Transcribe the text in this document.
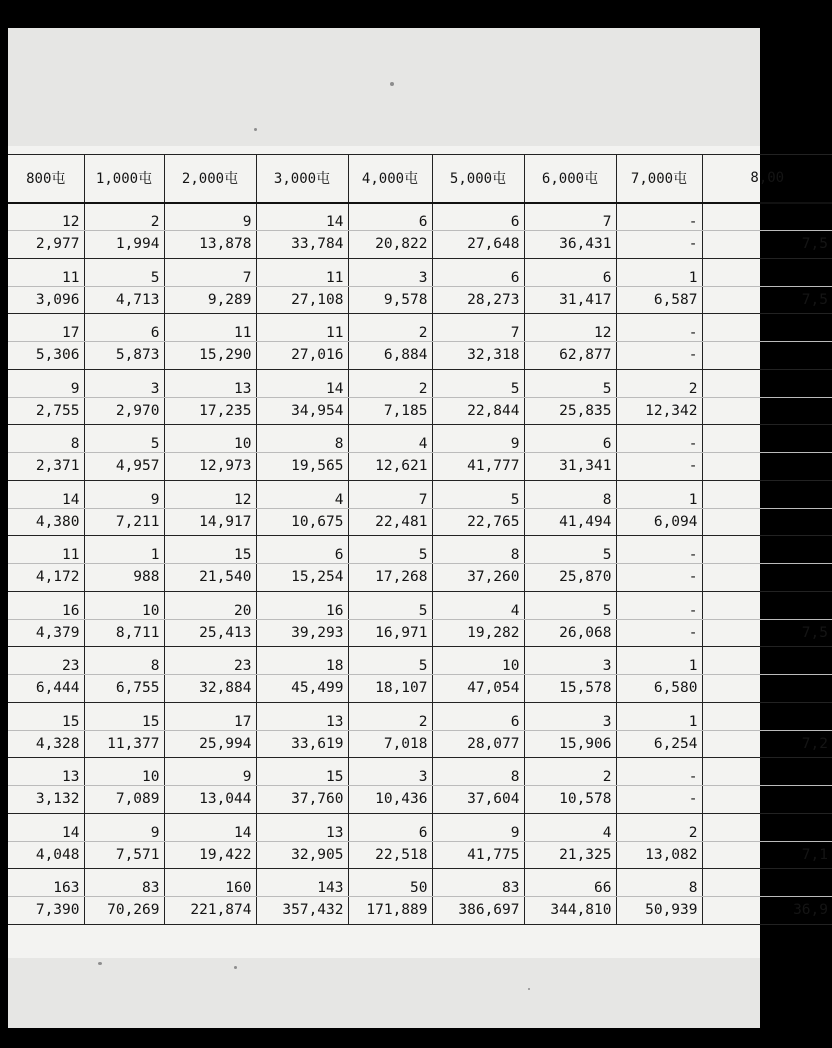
800屯	1,000屯	2,000屯	3,000屯	4,000屯	5,000屯	6,000屯	7,000屯	8,00
12	2	9	14	6	6	7	-	
2,977	1,994	13,878	33,784	20,822	27,648	36,431	-	7,5
11	5	7	11	3	6	6	1	
3,096	4,713	9,289	27,108	9,578	28,273	31,417	6,587	7,5
17	6	11	11	2	7	12	-	
5,306	5,873	15,290	27,016	6,884	32,318	62,877	-	
9	3	13	14	2	5	5	2	
2,755	2,970	17,235	34,954	7,185	22,844	25,835	12,342	
8	5	10	8	4	9	6	-	
2,371	4,957	12,973	19,565	12,621	41,777	31,341	-	
14	9	12	4	7	5	8	1	
4,380	7,211	14,917	10,675	22,481	22,765	41,494	6,094	
11	1	15	6	5	8	5	-	
4,172	988	21,540	15,254	17,268	37,260	25,870	-	
16	10	20	16	5	4	5	-	
4,379	8,711	25,413	39,293	16,971	19,282	26,068	-	7,5
23	8	23	18	5	10	3	1	
6,444	6,755	32,884	45,499	18,107	47,054	15,578	6,580	
15	15	17	13	2	6	3	1	
4,328	11,377	25,994	33,619	7,018	28,077	15,906	6,254	7,2
13	10	9	15	3	8	2	-	
3,132	7,089	13,044	37,760	10,436	37,604	10,578	-	
14	9	14	13	6	9	4	2	
4,048	7,571	19,422	32,905	22,518	41,775	21,325	13,082	7,1
163	83	160	143	50	83	66	8	
7,390	70,269	221,874	357,432	171,889	386,697	344,810	50,939	36,9
